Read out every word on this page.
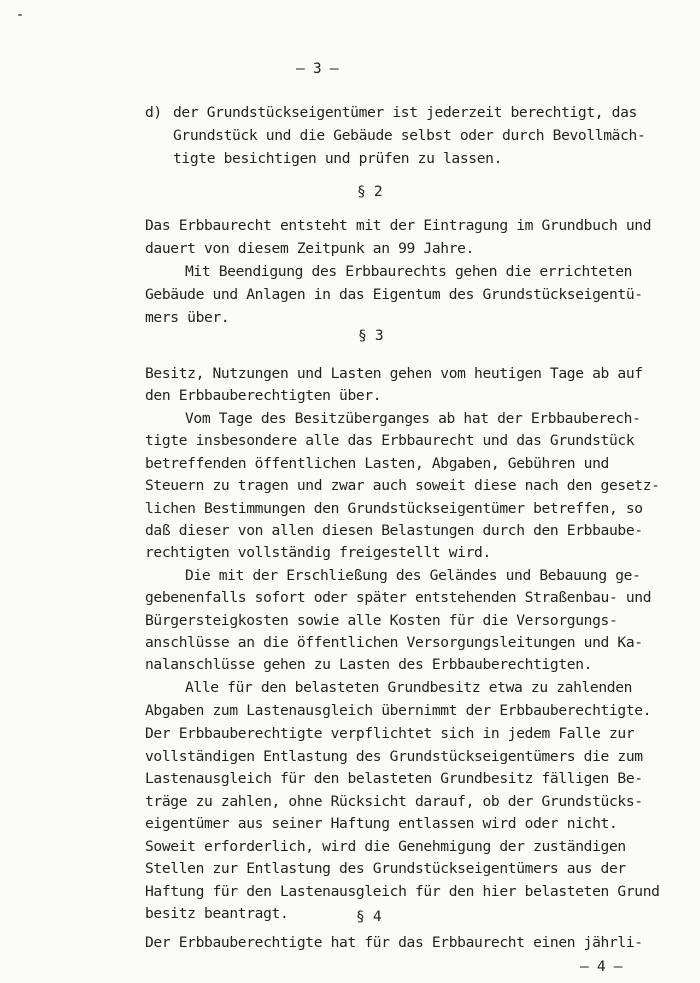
— 3 —
d) der Grundstückseigentümer ist jederzeit berechtigt, das
Grundstück und die Gebäude selbst oder durch Bevollmäch-
tigte besichtigen und prüfen zu lassen.
§ 2
Das Erbbaurecht entsteht mit der Eintragung im Grundbuch und
dauert von diesem Zeitpunk an 99 Jahre.
Mit Beendigung des Erbbaurechts gehen die errichteten
Gebäude und Anlagen in das Eigentum des Grundstückseigentü-
mers über.
§ 3
Besitz, Nutzungen und Lasten gehen vom heutigen Tage ab auf
den Erbbauberechtigten über.
Vom Tage des Besitzüberganges ab hat der Erbbauberech-
tigte insbesondere alle das Erbbaurecht und das Grundstück
betreffenden öffentlichen Lasten, Abgaben, Gebühren und
Steuern zu tragen und zwar auch soweit diese nach den gesetz-
lichen Bestimmungen den Grundstückseigentümer betreffen, so
daß dieser von allen diesen Belastungen durch den Erbbaube-
rechtigten vollständig freigestellt wird.
Die mit der Erschließung des Geländes und Bebauung ge-
gebenenfalls sofort oder später entstehenden Straßenbau- und
Bürgersteigkosten sowie alle Kosten für die Versorgungs-
anschlüsse an die öffentlichen Versorgungsleitungen und Ka-
nalanschlüsse gehen zu Lasten des Erbbauberechtigten.
Alle für den belasteten Grundbesitz etwa zu zahlenden
Abgaben zum Lastenausgleich übernimmt der Erbbauberechtigte.
Der Erbbauberechtigte verpflichtet sich in jedem Falle zur
vollständigen Entlastung des Grundstückseigentümers die zum
Lastenausgleich für den belasteten Grundbesitz fälligen Be-
träge zu zahlen, ohne Rücksicht darauf, ob der Grundstücks-
eigentümer aus seiner Haftung entlassen wird oder nicht.
Soweit erforderlich, wird die Genehmigung der zuständigen
Stellen zur Entlastung des Grundstückseigentümers aus der
Haftung für den Lastenausgleich für den hier belasteten Grund
besitz beantragt.	§ 4
Der Erbbauberechtigte hat für das Erbbaurecht einen jährli-
— 4 —
